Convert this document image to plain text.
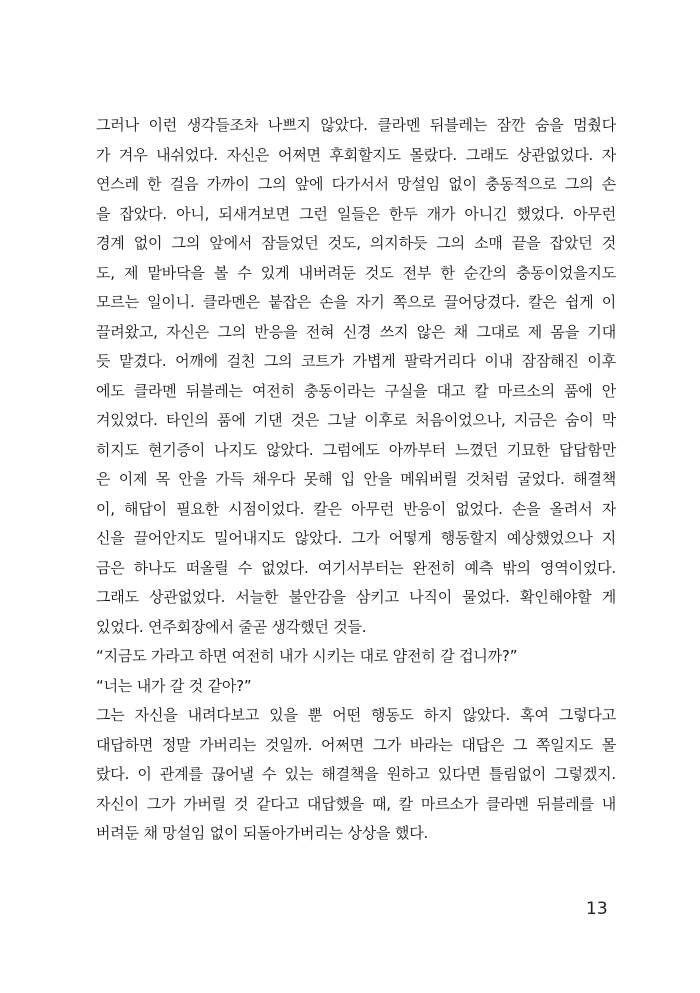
그러나 이런 생각들조차 나쁘지 않았다. 클라멘 뒤블레는 잠깐 숨을 멈췄다
가 겨우 내쉬었다. 자신은 어쩌면 후회할지도 몰랐다. 그래도 상관없었다. 자
연스레 한 걸음 가까이 그의 앞에 다가서서 망설임 없이 충동적으로 그의 손
을 잡았다. 아니, 되새겨보면 그런 일들은 한두 개가 아니긴 했었다. 아무런
경계 없이 그의 앞에서 잠들었던 것도, 의지하듯 그의 소매 끝을 잡았던 것
도, 제 맡바닥을 볼 수 있게 내버려둔 것도 전부 한 순간의 충동이었을지도
모르는 일이니. 클라멘은 붙잡은 손을 자기 쪽으로 끌어당겼다. 칼은 쉽게 이
끌려왔고, 자신은 그의 반응을 전혀 신경 쓰지 않은 채 그대로 제 몸을 기대
듯 맡겼다. 어깨에 걸친 그의 코트가 가볍게 팔락거리다 이내 잠잠해진 이후
에도 클라멘 뒤블레는 여전히 충동이라는 구실을 대고 칼 마르소의 품에 안
겨있었다. 타인의 품에 기댄 것은 그날 이후로 처음이었으나, 지금은 숨이 막
히지도 현기증이 나지도 않았다. 그럼에도 아까부터 느꼈던 기묘한 답답함만
은 이제 목 안을 가득 채우다 못해 입 안을 메워버릴 것처럼 굴었다. 해결책
이, 해답이 필요한 시점이었다. 칼은 아무런 반응이 없었다. 손을 올려서 자
신을 끌어안지도 밀어내지도 않았다. 그가 어떻게 행동할지 예상했었으나 지
금은 하나도 떠올릴 수 없었다. 여기서부터는 완전히 예측 밖의 영역이었다.
그래도 상관없었다. 서늘한 불안감을 삼키고 나직이 물었다. 확인해야할 게
있었다. 연주회장에서 줄곧 생각했던 것들.
“지금도 가라고 하면 여전히 내가 시키는 대로 얌전히 갈 겁니까?”
“너는 내가 갈 것 같아?”
그는 자신을 내려다보고 있을 뿐 어떤 행동도 하지 않았다. 혹여 그렇다고
대답하면 정말 가버리는 것일까. 어쩌면 그가 바라는 대답은 그 쪽일지도 몰
랐다. 이 관계를 끊어낼 수 있는 해결책을 원하고 있다면 틀림없이 그렇겠지.
자신이 그가 가버릴 것 같다고 대답했을 때, 칼 마르소가 클라멘 뒤블레를 내
버려둔 채 망설임 없이 되돌아가버리는 상상을 했다.
13
